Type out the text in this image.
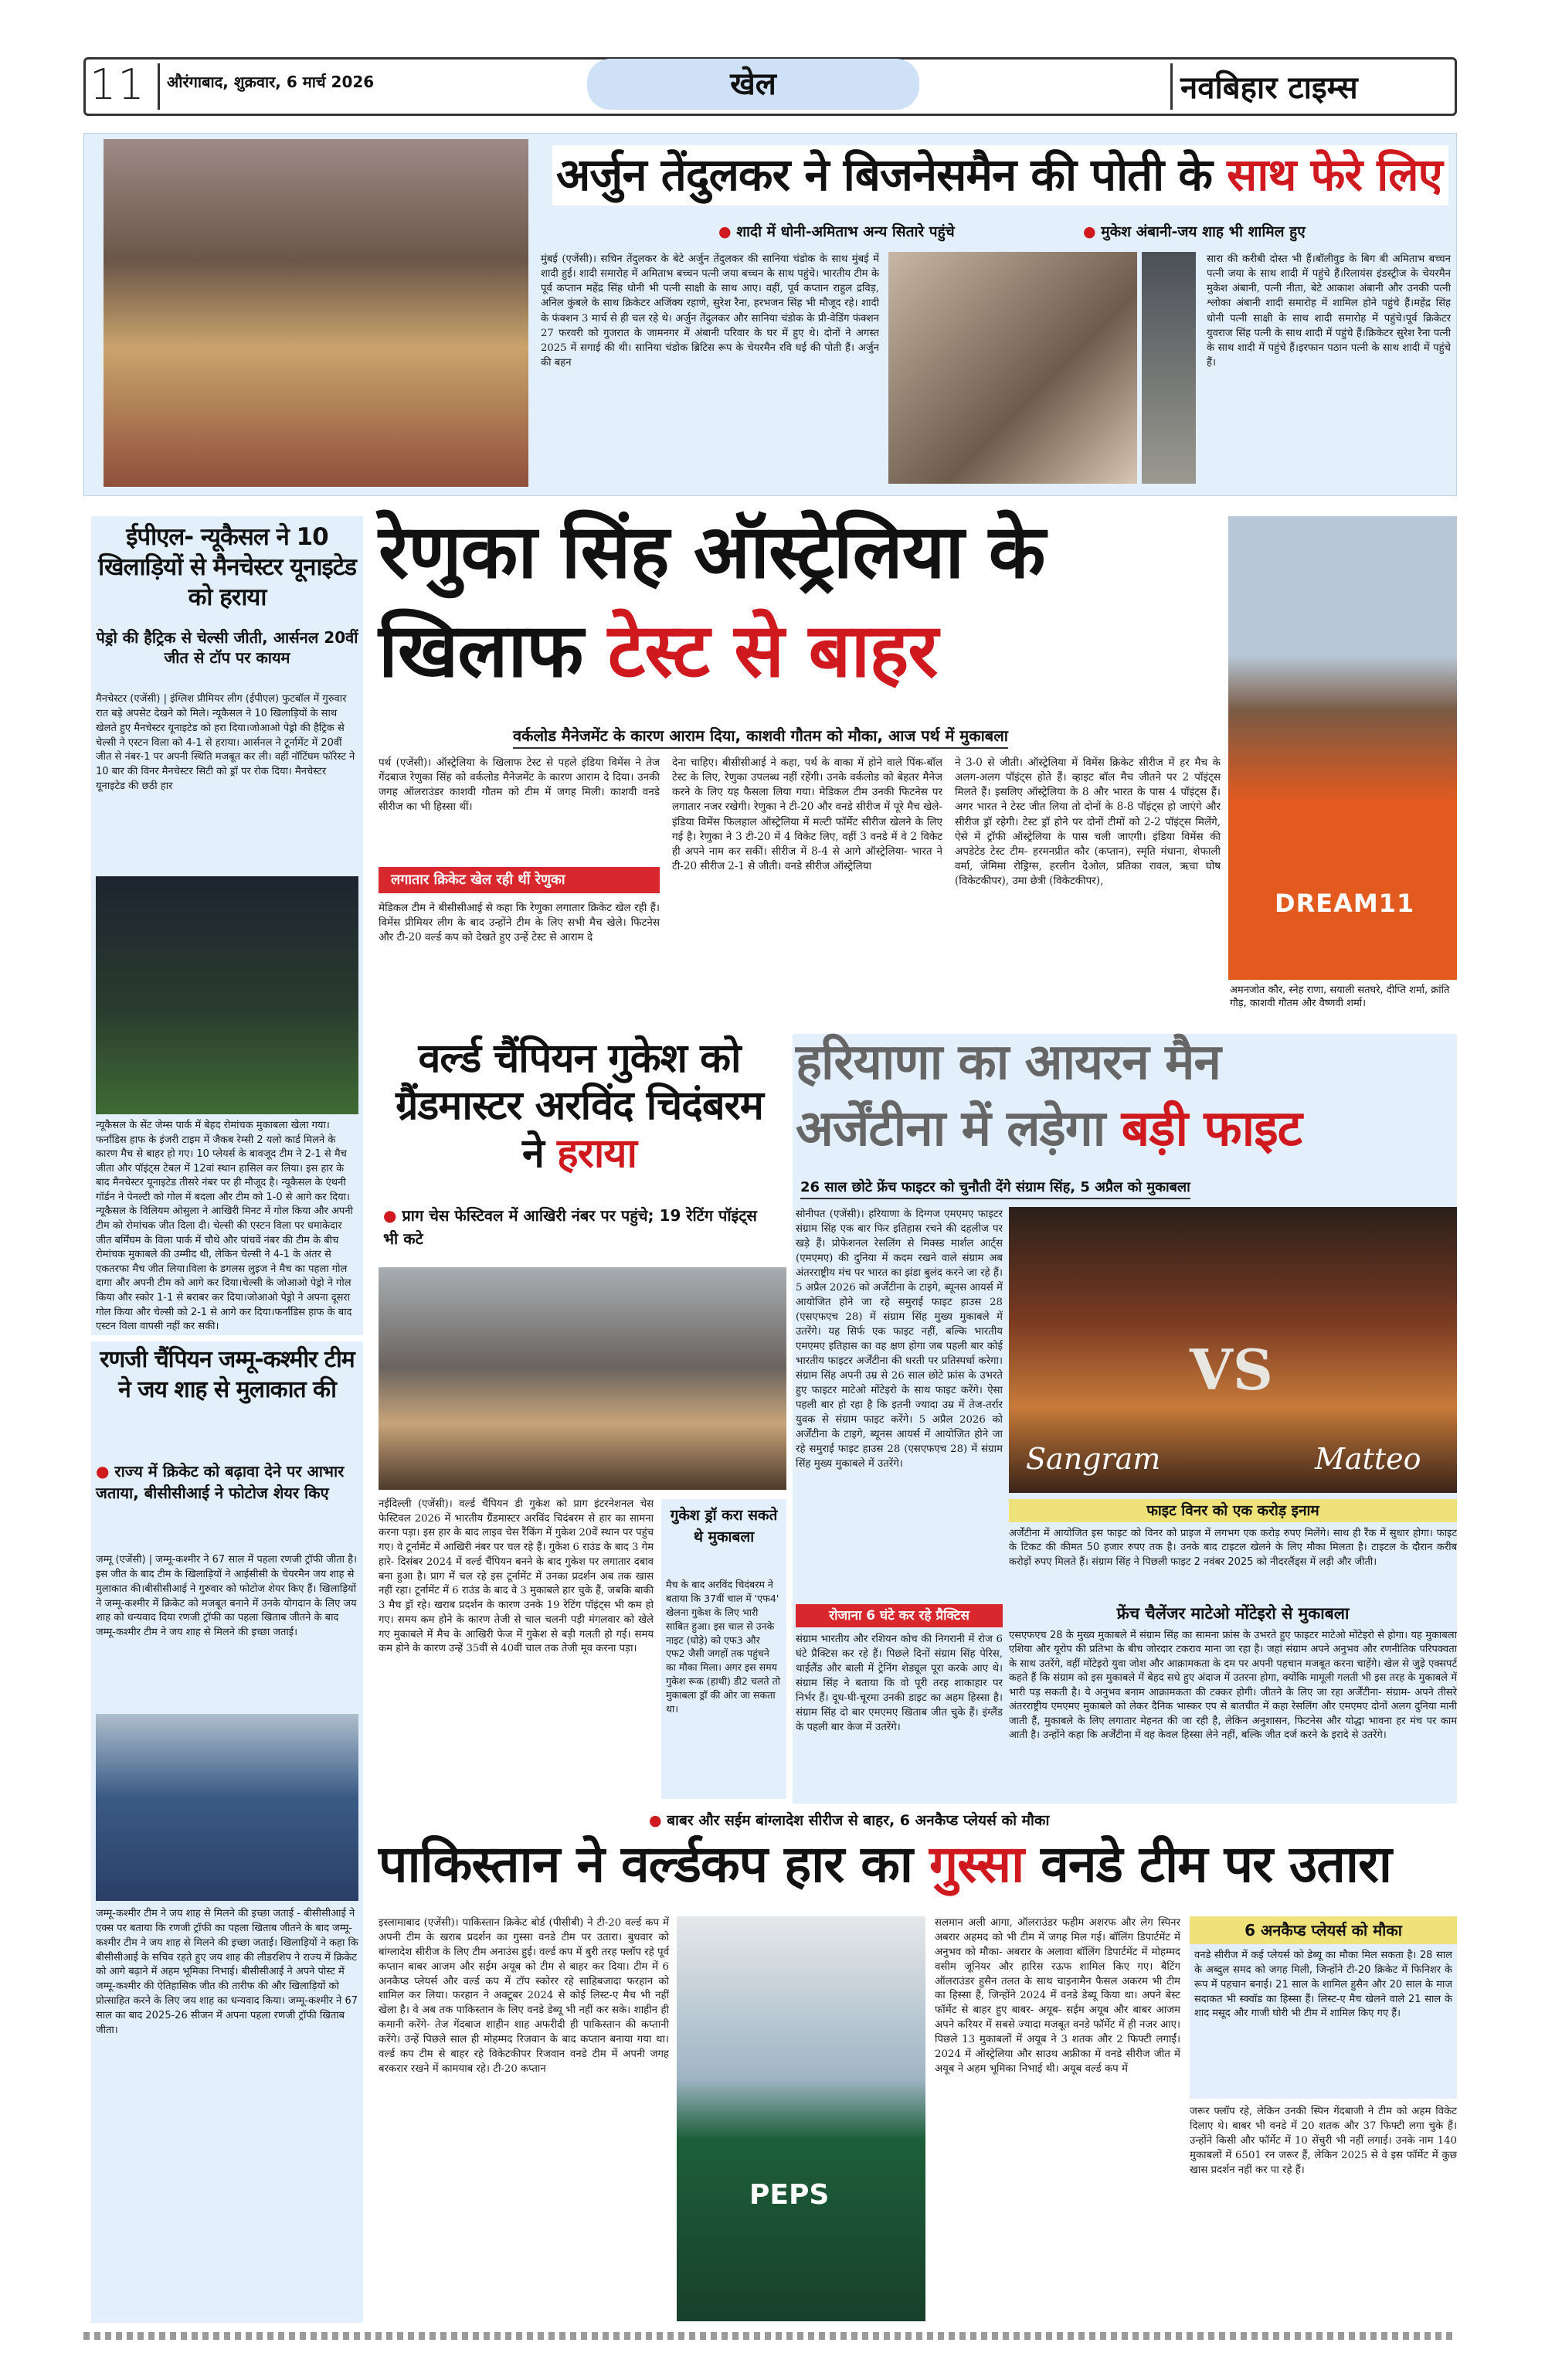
11 औरंगाबाद, शुक्रवार, 6 मार्च 2026	खेल	नवबिहार टाइम्स
अर्जुन तेंदुलकर ने बिजनेसमैन की पोती के साथ फेरे लिए
● शादी में धोनी-अमिताभ अन्य सितारे पहुंचे	● मुकेश अंबानी-जय शाह भी शामिल हुए
मुंबई (एजेंसी)। सचिन तेंदुलकर के बेटे अर्जुन तेंदुलकर की सानिया चंडोक के साथ मुंबई में शादी हुई। शादी समारोह में अमिताभ बच्चन पत्नी जया बच्चन के साथ पहुंचे। भारतीय टीम के पूर्व कप्तान महेंद्र सिंह धोनी भी पत्नी साक्षी के साथ आए। वहीं, पूर्व कप्तान राहुल द्रविड़, अनिल कुंबले के साथ क्रिकेटर अजिंक्य रहाणे, सुरेश रैना, हरभजन सिंह भी मौजूद रहे। शादी के फंक्शन 3 मार्च से ही चल रहे थे। अर्जुन तेंदुलकर और सानिया चंडोक के प्री-वेडिंग फंक्शन 27 फरवरी को गुजरात के जामनगर में अंबानी परिवार के घर में हुए थे। दोनों ने अगस्त 2025 में सगाई की थी। सानिया चंडोक ब्रिटिस रूप के चेयरमैन रवि घई की पोती हैं। अर्जुन की बहन
सारा की करीबी दोस्त भी हैं।बॉलीवुड के बिग बी अमिताभ बच्चन पत्नी जया के साथ शादी में पहुंचे हैं।रिलायंस इंडस्ट्रीज के चेयरमैन मुकेश अंबानी, पत्नी नीता, बेटे आकाश अंबानी और उनकी पत्नी श्लोका अंबानी शादी समारोह में शामिल होने पहुंचे हैं।महेंद्र सिंह धोनी पत्नी साक्षी के साथ शादी समारोह में पहुंचे।पूर्व क्रिकेटर युवराज सिंह पत्नी के साथ शादी में पहुंचे हैं।क्रिकेटर सुरेश रैना पत्नी के साथ शादी में पहुंचे हैं।इरफान पठान पत्नी के साथ शादी में पहुंचे हैं।
ईपीएल- न्यूकैसल ने 10 खिलाड़ियों से मैनचेस्टर यूनाइटेड को हराया
पेड्रो की हैट्रिक से चेल्सी जीती, आर्सनल 20वीं जीत से टॉप पर कायम
मैनचेस्टर (एजेंसी) | इंग्लिश प्रीमियर लीग (ईपीएल) फुटबॉल में गुरुवार रात बड़े अपसेट देखने को मिले। न्यूकैसल ने 10 खिलाड़ियों के साथ खेलते हुए मैनचेस्टर यूनाइटेड को हरा दिया।जोआओ पेड्रो की हैट्रिक से चेल्सी ने एस्टन विला को 4-1 से हराया। आर्सनल ने टूर्नामेंट में 20वीं जीत से नंबर-1 पर अपनी स्थिति मजबूत कर ली। वहीं नॉटिंघम फॉरेस्ट ने 10 बार की विनर मैनचेस्टर सिटी को ड्रॉ पर रोक दिया। मैनचेस्टर यूनाइटेड की छठी हार
न्यूकैसल के सेंट जेम्स पार्क में बेहद रोमांचक मुकाबला खेला गया। फर्नांडिस हाफ के इंजरी टाइम में जैकब रेम्सी 2 यलो कार्ड मिलने के कारण मैच से बाहर हो गए। 10 प्लेयर्स के बावजूद टीम ने 2-1 से मैच जीता और पॉइंट्स टेबल में 12वां स्थान हासिल कर लिया। इस हार के बाद मैनचेस्टर यूनाइटेड तीसरे नंबर पर ही मौजूद है। न्यूकैसल के एंथनी गॉर्डन ने पेनल्टी को गोल में बदला और टीम को 1-0 से आगे कर दिया। न्यूकैसल के विलियम ओसुला ने आखिरी मिनट में गोल किया और अपनी टीम को रोमांचक जीत दिला दी। चेल्सी की एस्टन विला पर धमाकेदार जीत बर्मिंघम के विला पार्क में चौथे और पांचवें नंबर की टीम के बीच रोमांचक मुकाबले की उम्मीद थी, लेकिन चेल्सी ने 4-1 के अंतर से एकतरफा मैच जीत लिया।विला के डगलस लुइज ने मैच का पहला गोल दागा और अपनी टीम को आगे कर दिया।चेल्सी के जोआओ पेड्रो ने गोल किया और स्कोर 1-1 से बराबर कर दिया।जोआओ पेड्रो ने अपना दूसरा गोल किया और चेल्सी को 2-1 से आगे कर दिया।फर्नांडिस हाफ के बाद एस्टन विला वापसी नहीं कर सकी।
रणजी चैंपियन जम्मू-कश्मीर टीम ने जय शाह से मुलाकात की
● राज्य में क्रिकेट को बढ़ावा देने पर आभार जताया, बीसीसीआई ने फोटोज शेयर किए
जम्मू (एजेंसी) | जम्मू-कश्मीर ने 67 साल में पहला रणजी ट्रॉफी जीता है। इस जीत के बाद टीम के खिलाड़ियों ने आईसीसी के चेयरमैन जय शाह से मुलाकात की।बीसीसीआई ने गुरुवार को फोटोज शेयर किए हैं। खिलाड़ियों ने जम्मू-कश्मीर में क्रिकेट को मजबूत बनाने में उनके योगदान के लिए जय शाह को धन्यवाद दिया रणजी ट्रॉफी का पहला खिताब जीतने के बाद जम्मू-कश्मीर टीम ने जय शाह से मिलने की इच्छा जताई।
जम्मू-कश्मीर टीम ने जय शाह से मिलने की इच्छा जताई - बीसीसीआई ने एक्स पर बताया कि रणजी ट्रॉफी का पहला खिताब जीतने के बाद जम्मू-कश्मीर टीम ने जय शाह से मिलने की इच्छा जताई। खिलाड़ियों ने कहा कि बीसीसीआई के सचिव रहते हुए जय शाह की लीडरशिप ने राज्य में क्रिकेट को आगे बढ़ाने में अहम भूमिका निभाई। बीसीसीआई ने अपने पोस्ट में जम्मू-कश्मीर की ऐतिहासिक जीत की तारीफ की और खिलाड़ियों को प्रोत्साहित करने के लिए जय शाह का धन्यवाद किया। जम्मू-कश्मीर ने 67 साल का बाद 2025-26 सीजन में अपना पहला रणजी ट्रॉफी खिताब जीता।
रेणुका सिंह ऑस्ट्रेलिया के
खिलाफ टेस्ट से बाहर
वर्कलोड मैनेजमेंट के कारण आराम दिया, काशवी गौतम को मौका, आज पर्थ में मुकाबला
पर्थ (एजेंसी)। ऑस्ट्रेलिया के खिलाफ टेस्ट से पहले इंडिया विमेंस ने तेज गेंदबाज रेणुका सिंह को वर्कलोड मैनेजमेंट के कारण आराम दे दिया। उनकी जगह ऑलराउंडर काशवी गौतम को टीम में जगह मिली। काशवी वनडे सीरीज का भी हिस्सा थीं।
लगातार क्रिकेट खेल रही थीं रेणुका
मेडिकल टीम ने बीसीसीआई से कहा कि रेणुका लगातार क्रिकेट खेल रही हैं। विमेंस प्रीमियर लीग के बाद उन्होंने टीम के लिए सभी मैच खेले। फिटनेस और टी-20 वर्ल्ड कप को देखते हुए उन्हें टेस्ट से आराम दे
देना चाहिए। बीसीसीआई ने कहा, पर्थ के वाका में होने वाले पिंक-बॉल टेस्ट के लिए, रेणुका उपलब्ध नहीं रहेंगी। उनके वर्कलोड को बेहतर मैनेज करने के लिए यह फैसला लिया गया। मेडिकल टीम उनकी फिटनेस पर लगातार नजर रखेगी। रेणुका ने टी-20 और वनडे सीरीज में पूरे मैच खेले- इंडिया विमेंस फिलहाल ऑस्ट्रेलिया में मल्टी फॉर्मेट सीरीज खेलने के लिए गई है। रेणुका ने 3 टी-20 में 4 विकेट लिए, वहीं 3 वनडे में वे 2 विकेट ही अपने नाम कर सकीं। सीरीज में 8-4 से आगे ऑस्ट्रेलिया- भारत ने टी-20 सीरीज 2-1 से जीती। वनडे सीरीज ऑस्ट्रेलिया
ने 3-0 से जीती। ऑस्ट्रेलिया में विमेंस क्रिकेट सीरीज में हर मैच के अलग-अलग पॉइंट्स होते हैं। व्हाइट बॉल मैच जीतने पर 2 पॉइंट्स मिलते हैं। इसलिए ऑस्ट्रेलिया के 8 और भारत के पास 4 पॉइंट्स हैं। अगर भारत ने टेस्ट जीत लिया तो दोनों के 8-8 पॉइंट्स हो जाएंगे और सीरीज ड्रॉ रहेगी। टेस्ट ड्रॉ होने पर दोनों टीमों को 2-2 पॉइंट्स मिलेंगे, ऐसे में ट्रॉफी ऑस्ट्रेलिया के पास चली जाएगी। इंडिया विमेंस की अपडेटेड टेस्ट टीम- हरमनप्रीत कौर (कप्तान), स्मृति मंधाना, शेफाली वर्मा, जेमिमा रोड्रिग्स, हरलीन देओल, प्रतिका रावल, ऋचा घोष (विकेटकीपर), उमा छेत्री (विकेटकीपर),
DREAM11
अमनजोत कौर, स्नेह राणा, सयाली सतघरे, दीप्ति शर्मा, क्रांति गौड़, काशवी गौतम और वैष्णवी शर्मा।
वर्ल्ड चैंपियन गुकेश को ग्रैंडमास्टर अरविंद चिदंबरम ने हराया
● प्राग चेस फेस्टिवल में आखिरी नंबर पर पहुंचे; 19 रेटिंग पॉइंट्स भी कटे
नईदिल्ली (एजेंसी)। वर्ल्ड चैंपियन डी गुकेश को प्राग इंटरनेशनल चेस फेस्टिवल 2026 में भारतीय ग्रैंडमास्टर अरविंद चिदंबरम से हार का सामना करना पड़ा। इस हार के बाद लाइव चेस रैंकिंग में गुकेश 20वें स्थान पर पहुंच गए। वे टूर्नामेंट में आखिरी नंबर पर चल रहे हैं। गुकेश 6 राउंड के बाद 3 गेम हारे- दिसंबर 2024 में वर्ल्ड चैंपियन बनने के बाद गुकेश पर लगातार दबाव बना हुआ है। प्राग में चल रहे इस टूर्नामेंट में उनका प्रदर्शन अब तक खास नहीं रहा। टूर्नामेंट में 6 राउंड के बाद वे 3 मुकाबले हार चुके हैं, जबकि बाकी 3 मैच ड्रॉ रहे। खराब प्रदर्शन के कारण उनके 19 रेटिंग पॉइंट्स भी कम हो गए। समय कम होने के कारण तेजी से चाल चलनी पड़ी मंगलवार को खेले गए मुकाबले में मैच के आखिरी फेज में गुकेश से बड़ी गलती हो गई। समय कम होने के कारण उन्हें 35वीं से 40वीं चाल तक तेजी मूव करना पड़ा।
गुकेश ड्रॉ करा सकते थे मुकाबला
मैच के बाद अरविंद चिदंबरम ने बताया कि 37वीं चाल में 'एफ4' खेलना गुकेश के लिए भारी साबित हुआ। इस चाल से उनके नाइट (घोड़े) को एफ3 और एफ2 जैसी जगहों तक पहुंचने का मौका मिला। अगर इस समय गुकेश रूक (हाथी) डी2 चलते तो मुकाबला ड्रॉ की ओर जा सकता था।
हरियाणा का आयरन मैन
अर्जेंटीना में लड़ेगा बड़ी फाइट
26 साल छोटे फ्रेंच फाइटर को चुनौती देंगे संग्राम सिंह, 5 अप्रैल को मुकाबला
सोनीपत (एजेंसी)। हरियाणा के दिग्गज एमएमए फाइटर संग्राम सिंह एक बार फिर इतिहास रचने की दहलीज पर खड़े हैं। प्रोफेशनल रेसलिंग से मिक्स्ड मार्शल आर्ट्स (एमएमए) की दुनिया में कदम रखने वाले संग्राम अब अंतरराष्ट्रीय मंच पर भारत का झंडा बुलंद करने जा रहे हैं। 5 अप्रैल 2026 को अर्जेंटीना के टाइगे, ब्यूनस आयर्स में आयोजित होने जा रहे समुराई फाइट हाउस 28 (एसएफएच 28) में संग्राम सिंह मुख्य मुकाबले में उतरेंगे। यह सिर्फ एक फाइट नहीं, बल्कि भारतीय एमएमए इतिहास का वह क्षण होगा जब पहली बार कोई भारतीय फाइटर अर्जेंटीना की धरती पर प्रतिस्पर्धा करेगा। संग्राम सिंह अपनी उम्र से 26 साल छोटे फ्रांस के उभरते हुए फाइटर माटेओ मोंटेइरो के साथ फाइट करेंगे। ऐसा पहली बार हो रहा है कि इतनी ज्यादा उम्र में तेज-तर्रार युवक से संग्राम फाइट करेंगे। 5 अप्रैल 2026 को अर्जेंटीना के टाइगे, ब्यूनस आयर्स में आयोजित होने जा रहे समुराई फाइट हाउस 28 (एसएफएच 28) में संग्राम सिंह मुख्य मुकाबले में उतरेंगे।
रोजाना 6 घंटे कर रहे प्रैक्टिस
संग्राम भारतीय और रशियन कोच की निगरानी में रोज 6 घंटे प्रैक्टिस कर रहे हैं। पिछले दिनों संग्राम सिंह पेरिस, थाईलैंड और बाली में ट्रेनिंग शेड्यूल पूरा करके आए थे। संग्राम सिंह ने बताया कि वो पूरी तरह शाकाहार पर निर्भर हैं। दूध-घी-चूरमा उनकी डाइट का अहम हिस्सा है। संग्राम सिंह दो बार एमएमए खिताब जीत चुके हैं। इंग्लैंड के पहली बार केज में उतरेंगे।
VS
Sangram	Matteo
फाइट विनर को एक करोड़ इनाम
अर्जेंटीना में आयोजित इस फाइट को विनर को प्राइज में लगभग एक करोड़ रुपए मिलेंगे। साथ ही रैंक में सुधार होगा। फाइट के टिकट की कीमत 50 हजार रुपए तक है। उनके बाद टाइटल खेलने के लिए मौका मिलता है। टाइटल के दौरान करीब करोड़ों रुपए मिलते हैं। संग्राम सिंह ने पिछली फाइट 2 नवंबर 2025 को नीदरलैंड्स में लड़ी और जीती।
फ्रेंच चैलेंजर माटेओ मोंटेइरो से मुकाबला
एसएफएच 28 के मुख्य मुकाबले में संग्राम सिंह का सामना फ्रांस के उभरते हुए फाइटर माटेओ मोंटेइरो से होगा। यह मुकाबला एशिया और यूरोप की प्रतिभा के बीच जोरदार टकराव माना जा रहा है। जहां संग्राम अपने अनुभव और रणनीतिक परिपक्वता के साथ उतरेंगे, वहीं मोंटेइरो युवा जोश और आक्रामकता के दम पर अपनी पहचान मजबूत करना चाहेंगे। खेल से जुड़े एक्सपर्ट कहते हैं कि संग्राम को इस मुकाबले में बेहद सधे हुए अंदाज में उतरना होगा, क्योंकि मामूली गलती भी इस तरह के मुकाबले में भारी पड़ सकती है। ये अनुभव बनाम आक्रामकता की टक्कर होगी। जीतने के लिए जा रहा अर्जेंटीना- संग्राम- अपने तीसरे अंतरराष्ट्रीय एमएमए मुकाबले को लेकर दैनिक भास्कर एप से बातचीत में कहा रेसलिंग और एमएमए दोनों अलग दुनिया मानी जाती हैं, मुकाबले के लिए लगातार मेहनत की जा रही है, लेकिन अनुशासन, फिटनेस और योद्धा भावना हर मंच पर काम आती है। उन्होंने कहा कि अर्जेंटीना में वह केवल हिस्सा लेने नहीं, बल्कि जीत दर्ज करने के इरादे से उतरेंगे।
● बाबर और सईम बांग्लादेश सीरीज से बाहर, 6 अनकैप्ड प्लेयर्स को मौका
पाकिस्तान ने वर्ल्डकप हार का गुस्सा वनडे टीम पर उतारा
इस्लामाबाद (एजेंसी)। पाकिस्तान क्रिकेट बोर्ड (पीसीबी) ने टी-20 वर्ल्ड कप में अपनी टीम के खराब प्रदर्शन का गुस्सा वनडे टीम पर उतारा। बुधवार को बांग्लादेश सीरीज के लिए टीम अनाउंस हुई। वर्ल्ड कप में बुरी तरह फ्लॉप रहे पूर्व कप्तान बाबर आजम और सईम अयूब को टीम से बाहर कर दिया। टीम में 6 अनकैप्ड प्लेयर्स और वर्ल्ड कप में टॉप स्कोरर रहे साहिबजादा फरहान को शामिल कर लिया। फरहान ने अक्टूबर 2024 से कोई लिस्ट-ए मैच भी नहीं खेला है। वे अब तक पाकिस्तान के लिए वनडे डेब्यू भी नहीं कर सके। शाहीन ही कमानी करेंगे- तेज गेंदबाज शाहीन शाह अफरीदी ही पाकिस्तान की कप्तानी करेंगे। उन्हें पिछले साल ही मोहम्मद रिजवान के बाद कप्तान बनाया गया था। वर्ल्ड कप टीम से बाहर रहे विकेटकीपर रिजवान वनडे टीम में अपनी जगह बरकरार रखने में कामयाब रहे। टी-20 कप्तान
PEPS
सलमान अली आगा, ऑलराउंडर फहीम अशरफ और लेग स्पिनर अबरार अहमद को भी टीम में जगह मिल गई। बॉलिंग डिपार्टमेंट में अनुभव को मौका- अबरार के अलावा बॉलिंग डिपार्टमेंट में मोहम्मद वसीम जूनियर और हारिस रऊफ शामिल किए गए। बैटिंग ऑलराउंडर हुसैन तलत के साथ चाइनामैन फैसल अकरम भी टीम का हिस्सा हैं, जिन्होंने 2024 में वनडे डेब्यू किया था। अपने बेस्ट फॉर्मेट से बाहर हुए बाबर- अयूब- सईम अयूब और बाबर आजम अपने करियर में सबसे ज्यादा मजबूत वनडे फॉर्मेट में ही नजर आए। पिछले 13 मुकाबलों में अयूब ने 3 शतक और 2 फिफ्टी लगाईं। 2024 में ऑस्ट्रेलिया और साउथ अफ्रीका में वनडे सीरीज जीत में अयूब ने अहम भूमिका निभाई थी। अयूब वर्ल्ड कप में
6 अनकैप्ड प्लेयर्स को मौका
वनडे सीरीज में कई प्लेयर्स को डेब्यू का मौका मिल सकता है। 28 साल के अब्दुल समद को जगह मिली, जिन्होंने टी-20 क्रिकेट में फिनिशर के रूप में पहचान बनाई। 21 साल के शामिल हुसैन और 20 साल के माज सदाकत भी स्क्वॉड का हिस्सा हैं। लिस्ट-ए मैच खेलने वाले 21 साल के शाद मसूद और गाजी घोरी भी टीम में शामिल किए गए हैं।
जरूर फ्लॉप रहे, लेकिन उनकी स्पिन गेंदबाजी ने टीम को अहम विकेट दिलाए थे। बाबर भी वनडे में 20 शतक और 37 फिफ्टी लगा चुके हैं। उन्होंने किसी और फॉर्मेट में 10 सेंचुरी भी नहीं लगाई। उनके नाम 140 मुकाबलों में 6501 रन जरूर हैं, लेकिन 2025 से वे इस फॉर्मेट में कुछ खास प्रदर्शन नहीं कर पा रहे हैं।
